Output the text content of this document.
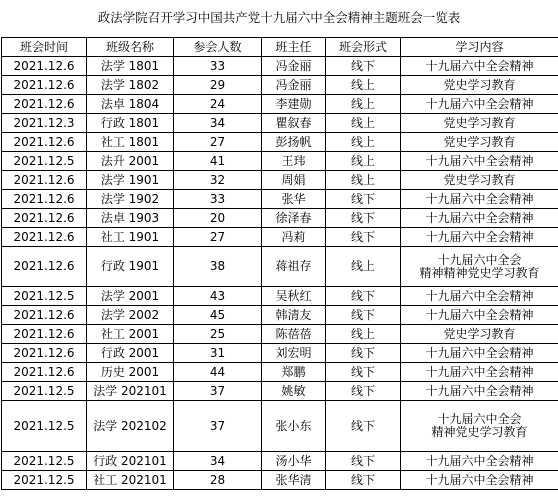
政法学院召开学习中国共产党十九届六中全会精神主题班会一览表
班会时间	班级名称	参会人数	班主任	班会形式	学习内容
2021.12.6	法学 1801	33	冯金丽	线下	十九届六中全会精神
2021.12.6	法学 1802	29	冯金丽	线上	党史学习教育
2021.12.6	法卓 1804	24	李建勋	线上	十九届六中全会精神
2021.12.3	行政 1801	34	瞿叙春	线上	党史学习教育
2021.12.6	社工 1801	27	彭扬帆	线上	党史学习教育
2021.12.5	法升 2001	41	王玮	线上	十九届六中全会精神
2021.12.6	法学 1901	32	周娟	线上	党史学习教育
2021.12.6	法学 1902	33	张华	线下	十九届六中全会精神
2021.12.6	法卓 1903	20	徐泽春	线下	十九届六中全会精神
2021.12.6	社工 1901	27	冯莉	线下	十九届六中全会精神
2021.12.6	行政 1901	38	蒋祖存	线上	十九届六中全会
精神精神党史学习教育
2021.12.5	法学 2001	43	吴秋红	线下	十九届六中全会精神
2021.12.6	法学 2002	45	韩清友	线下	十九届六中全会精神
2021.12.6	社工 2001	25	陈蓓蓓	线上	党史学习教育
2021.12.6	行政 2001	31	刘宏明	线下	十九届六中全会精神
2021.12.6	历史 2001	44	郑鹏	线下	十九届六中全会精神
2021.12.5	法学 202101	37	姚敏	线下	十九届六中全会精神
2021.12.5	法学 202102	37	张小东	线下	十九届六中全会
精神党史学习教育
2021.12.5	行政 202101	34	汤小华	线下	十九届六中全会精神
2021.12.5	社工 202101	28	张华清	线下	十九届六中全会精神
